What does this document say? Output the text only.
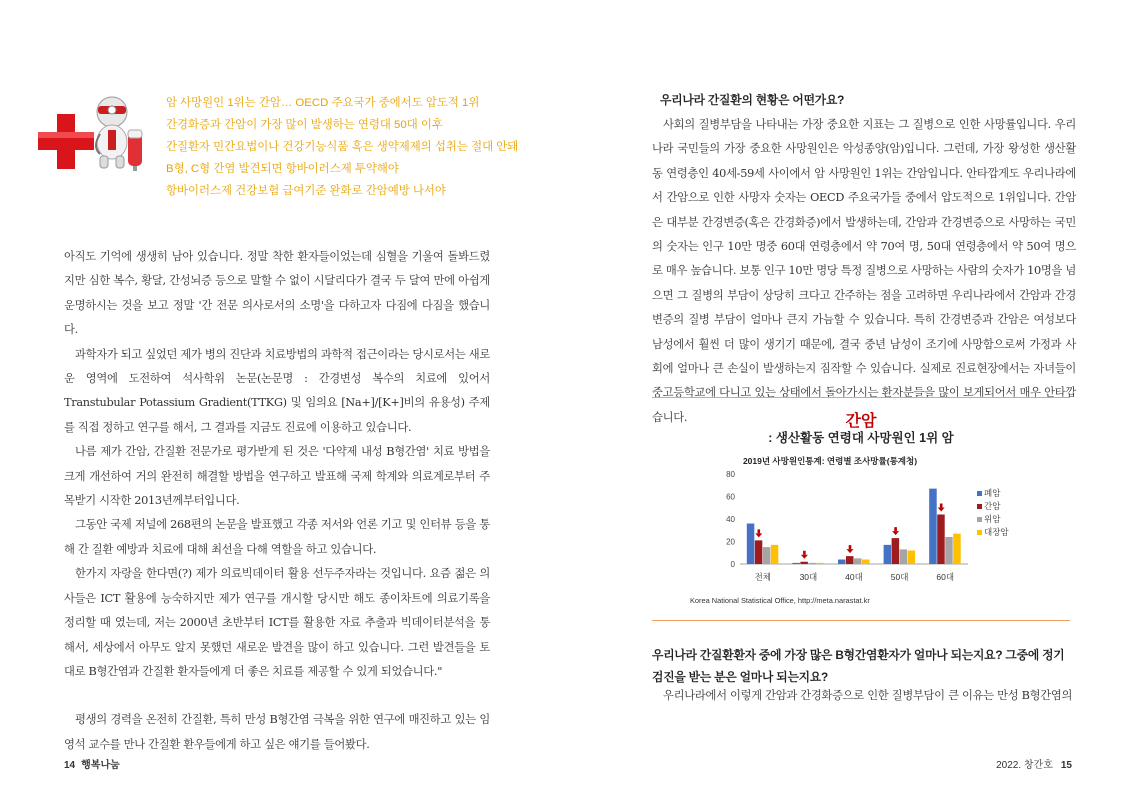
암 사망원인 1위는 간암… OECD 주요국가 중에서도 압도적 1위
간경화증과 간암이 가장 많이 발생하는 연령대 50대 이후
간질환자 민간요법이나 건강기능식품 혹은 생약제제의 섭취는 절대 안돼
B형, C형 간염 발견되면 항바이러스제 투약해야
항바이러스제 건강보험 급여기준 완화로 간암예방 나서야

아직도 기억에 생생히 남아 있습니다. 정말 착한 환자들이었는데 심혈을 기울여 돌봐드렸지만 심한 복수, 황달, 간성뇌증 등으로 말할 수 없이 시달리다가 결국 두 달여 만에 아쉽게 운명하시는 것을 보고 정말 '간 전문 의사로서의 소명'을 다하고자 다짐에 다짐을 했습니다.

과학자가 되고 싶었던 제가 병의 진단과 치료방법의 과학적 접근이라는 당시로서는 새로운 영역에 도전하여 석사학위 논문(논문명 : 간경변성 복수의 치료에 있어서 Transtubular Potassium Gradient(TTKG) 및 임의요 [Na+]/[K+]비의 유용성) 주제를 직접 정하고 연구를 해서, 그 결과를 지금도 진료에 이용하고 있습니다.

나름 제가 간암, 간질환 전문가로 평가받게 된 것은 '다약제 내성 B형간염' 치료 방법을 크게 개선하여 거의 완전히 해결할 방법을 연구하고 발표해 국제 학계와 의료계로부터 주목받기 시작한 2013년께부터입니다.

그동안 국제 저널에 268편의 논문을 발표했고 각종 저서와 언론 기고 및 인터뷰 등을 통해 간 질환 예방과 치료에 대해 최선을 다해 역할을 하고 있습니다.

한가지 자랑을 한다면(?) 제가 의료빅데이터 활용 선두주자라는 것입니다. 요즘 젊은 의사들은 ICT 활용에 능숙하지만 제가 연구를 개시할 당시만 해도 종이차트에 의료기록을 정리할 때 였는데, 저는 2000년 초반부터 ICT를 활용한 자료 추출과 빅데이터분석을 통해서, 세상에서 아무도 알지 못했던 새로운 발견을 많이 하고 있습니다. 그런 발견들을 토대로 B형간염과 간질환 환자들에게 더 좋은 치료를 제공할 수 있게 되었습니다."

평생의 경력을 온전히 간질환, 특히 만성 B형간염 극복을 위한 연구에 매진하고 있는 임영석 교수를 만나 간질환 환우들에게 하고 싶은 얘기를 들어봤다.

우리나라 간질환의 현황은 어떤가요?

사회의 질병부담을 나타내는 가장 중요한 지표는 그 질병으로 인한 사망률입니다. 우리나라 국민들의 가장 중요한 사망원인은 악성종양(암)입니다. 그런데, 가장 왕성한 생산활동 연령층인 40세-59세 사이에서 암 사망원인 1위는 간암입니다. 안타깝게도 우리나라에서 간암으로 인한 사망자 숫자는 OECD 주요국가들 중에서 압도적으로 1위입니다. 간암은 대부분 간경변증(혹은 간경화증)에서 발생하는데, 간암과 간경변증으로 사망하는 국민의 숫자는 인구 10만 명중 60대 연령층에서 약 70여 명, 50대 연령층에서 약 50여 명으로 매우 높습니다. 보통 인구 10만 명당 특정 질병으로 사망하는 사람의 숫자가 10명을 넘으면 그 질병의 부담이 상당히 크다고 간주하는 점을 고려하면 우리나라에서 간암과 간경변증의 질병 부담이 얼마나 큰지 가늠할 수 있습니다. 특히 간경변증과 간암은 여성보다 남성에서 훨씬 더 많이 생기기 때문에, 결국 중년 남성이 조기에 사망함으로써 가정과 사회에 얼마나 큰 손실이 발생하는지 짐작할 수 있습니다. 실제로 진료현장에서는 자녀들이 중고등학교에 다니고 있는 상태에서 돌아가시는 환자분들을 많이 보게되어서 매우 안타깝습니다.	간암
: 생산활동 연령대 사망원인 1위 암
2019년 사망원인통계: 연령별 조사망률(통계청)
0
20
40
60
80
전체	30대	40대	50대	60대
폐암
간암
위암
대장암
Korea National Statistical Office, http://meta.narastat.kr
우리나라 간질환환자 중에 가장 많은 B형간염환자가 얼마나 되는지요? 그중에 정기검진을 받는 분은 얼마나 되는지요?

우리나라에서 이렇게 간암과 간경화증으로 인한 질병부담이 큰 이유는 만성 B형간염의

14 행복나눔	2022. 창간호 15
